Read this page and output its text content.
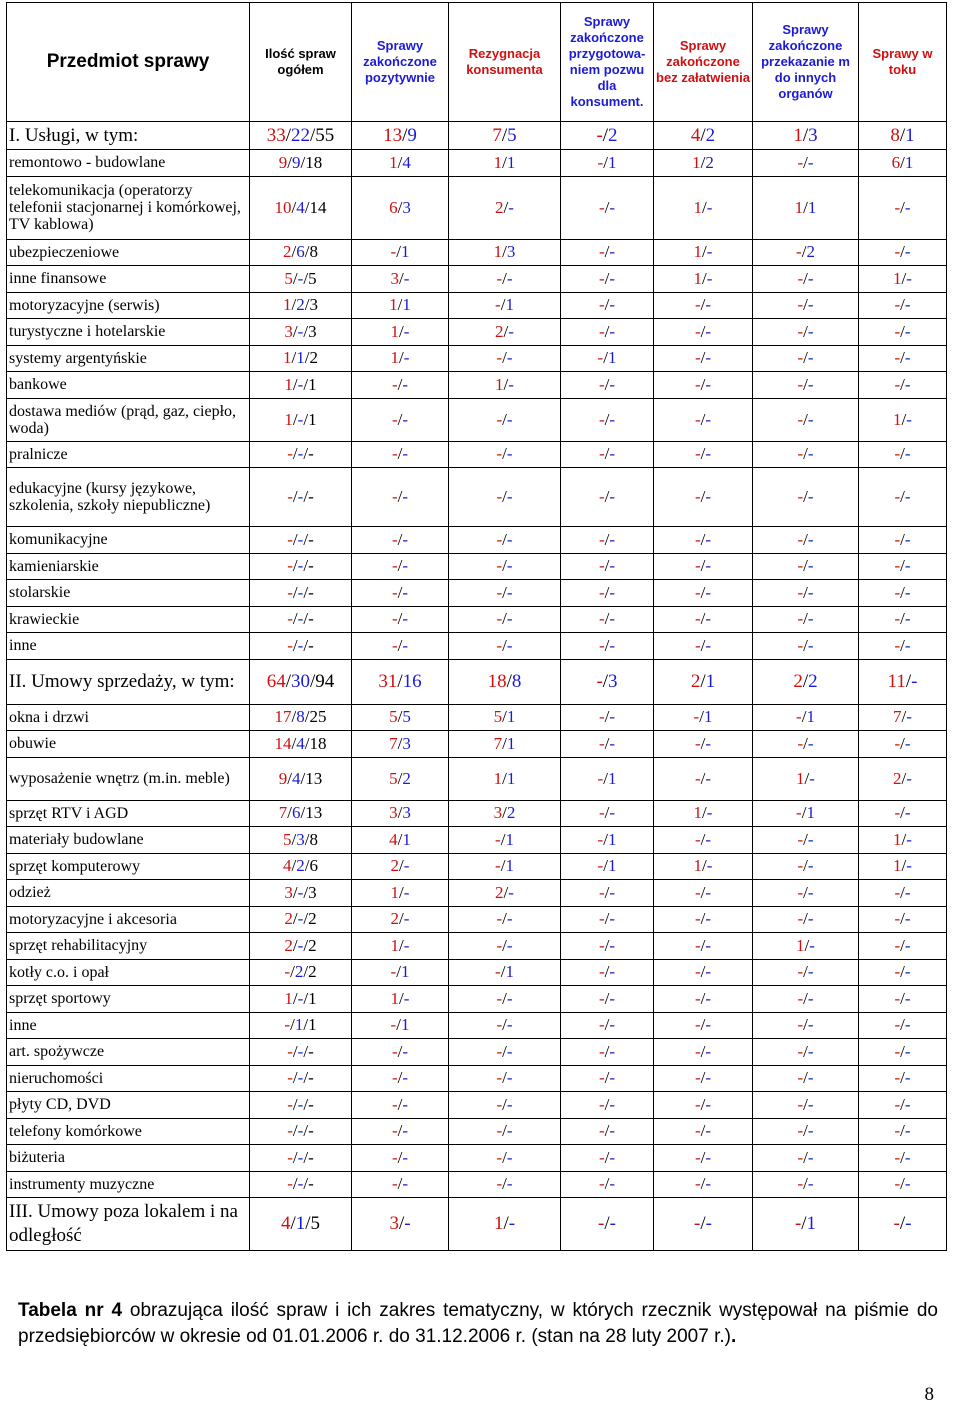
Przedmiot sprawy	Ilość spraw ogółem	Sprawy zakończone pozytywnie	Rezygnacja konsumenta	Sprawy zakończone przygotowa-niem pozwu dla konsument.	Sprawy zakończone bez załatwienia	Sprawy zakończone przekazanie m do innych organów	Sprawy w toku
I. Usługi, w tym:	33/22/55	13/9	7/5	-/2	4/2	1/3	8/1
remontowo - budowlane	9/9/18	1/4	1/1	-/1	1/2	-/-	6/1
telekomunikacja (operatorzy telefonii stacjonarnej i komórkowej, TV kablowa)	10/4/14	6/3	2/-	-/-	1/-	1/1	-/-
ubezpieczeniowe	2/6/8	-/1	1/3	-/-	1/-	-/2	-/-
inne finansowe	5/-/5	3/-	-/-	-/-	1/-	-/-	1/-
motoryzacyjne (serwis)	1/2/3	1/1	-/1	-/-	-/-	-/-	-/-
turystyczne i hotelarskie	3/-/3	1/-	2/-	-/-	-/-	-/-	-/-
systemy argentyńskie	1/1/2	1/-	-/-	-/1	-/-	-/-	-/-
bankowe	1/-/1	-/-	1/-	-/-	-/-	-/-	-/-
dostawa mediów (prąd, gaz, ciepło, woda)	1/-/1	-/-	-/-	-/-	-/-	-/-	1/-
pralnicze	-/-/-	-/-	-/-	-/-	-/-	-/-	-/-
edukacyjne (kursy językowe, szkolenia, szkoły niepubliczne)	-/-/-	-/-	-/-	-/-	-/-	-/-	-/-
komunikacyjne	-/-/-	-/-	-/-	-/-	-/-	-/-	-/-
kamieniarskie	-/-/-	-/-	-/-	-/-	-/-	-/-	-/-
stolarskie	-/-/-	-/-	-/-	-/-	-/-	-/-	-/-
krawieckie	-/-/-	-/-	-/-	-/-	-/-	-/-	-/-
inne	-/-/-	-/-	-/-	-/-	-/-	-/-	-/-
II. Umowy sprzedaży, w tym:	64/30/94	31/16	18/8	-/3	2/1	2/2	11/-
okna i drzwi	17/8/25	5/5	5/1	-/-	-/1	-/1	7/-
obuwie	14/4/18	7/3	7/1	-/-	-/-	-/-	-/-
wyposażenie wnętrz (m.in. meble)	9/4/13	5/2	1/1	-/1	-/-	1/-	2/-
sprzęt RTV i AGD	7/6/13	3/3	3/2	-/-	1/-	-/1	-/-
materiały budowlane	5/3/8	4/1	-/1	-/1	-/-	-/-	1/-
sprzęt komputerowy	4/2/6	2/-	-/1	-/1	1/-	-/-	1/-
odzież	3/-/3	1/-	2/-	-/-	-/-	-/-	-/-
motoryzacyjne i akcesoria	2/-/2	2/-	-/-	-/-	-/-	-/-	-/-
sprzęt rehabilitacyjny	2/-/2	1/-	-/-	-/-	-/-	1/-	-/-
kotły c.o. i opał	-/2/2	-/1	-/1	-/-	-/-	-/-	-/-
sprzęt sportowy	1/-/1	1/-	-/-	-/-	-/-	-/-	-/-
inne	-/1/1	-/1	-/-	-/-	-/-	-/-	-/-
art. spożywcze	-/-/-	-/-	-/-	-/-	-/-	-/-	-/-
nieruchomości	-/-/-	-/-	-/-	-/-	-/-	-/-	-/-
płyty CD, DVD	-/-/-	-/-	-/-	-/-	-/-	-/-	-/-
telefony komórkowe	-/-/-	-/-	-/-	-/-	-/-	-/-	-/-
biżuteria	-/-/-	-/-	-/-	-/-	-/-	-/-	-/-
instrumenty muzyczne	-/-/-	-/-	-/-	-/-	-/-	-/-	-/-
III. Umowy poza lokalem i na odległość	4/1/5	3/-	1/-	-/-	-/-	-/1	-/-
Tabela nr 4 obrazująca ilość spraw i ich zakres tematyczny, w których rzecznik występował na piśmie do przedsiębiorców w okresie od 01.01.2006 r. do 31.12.2006 r. (stan na 28 luty 2007 r.).
8
